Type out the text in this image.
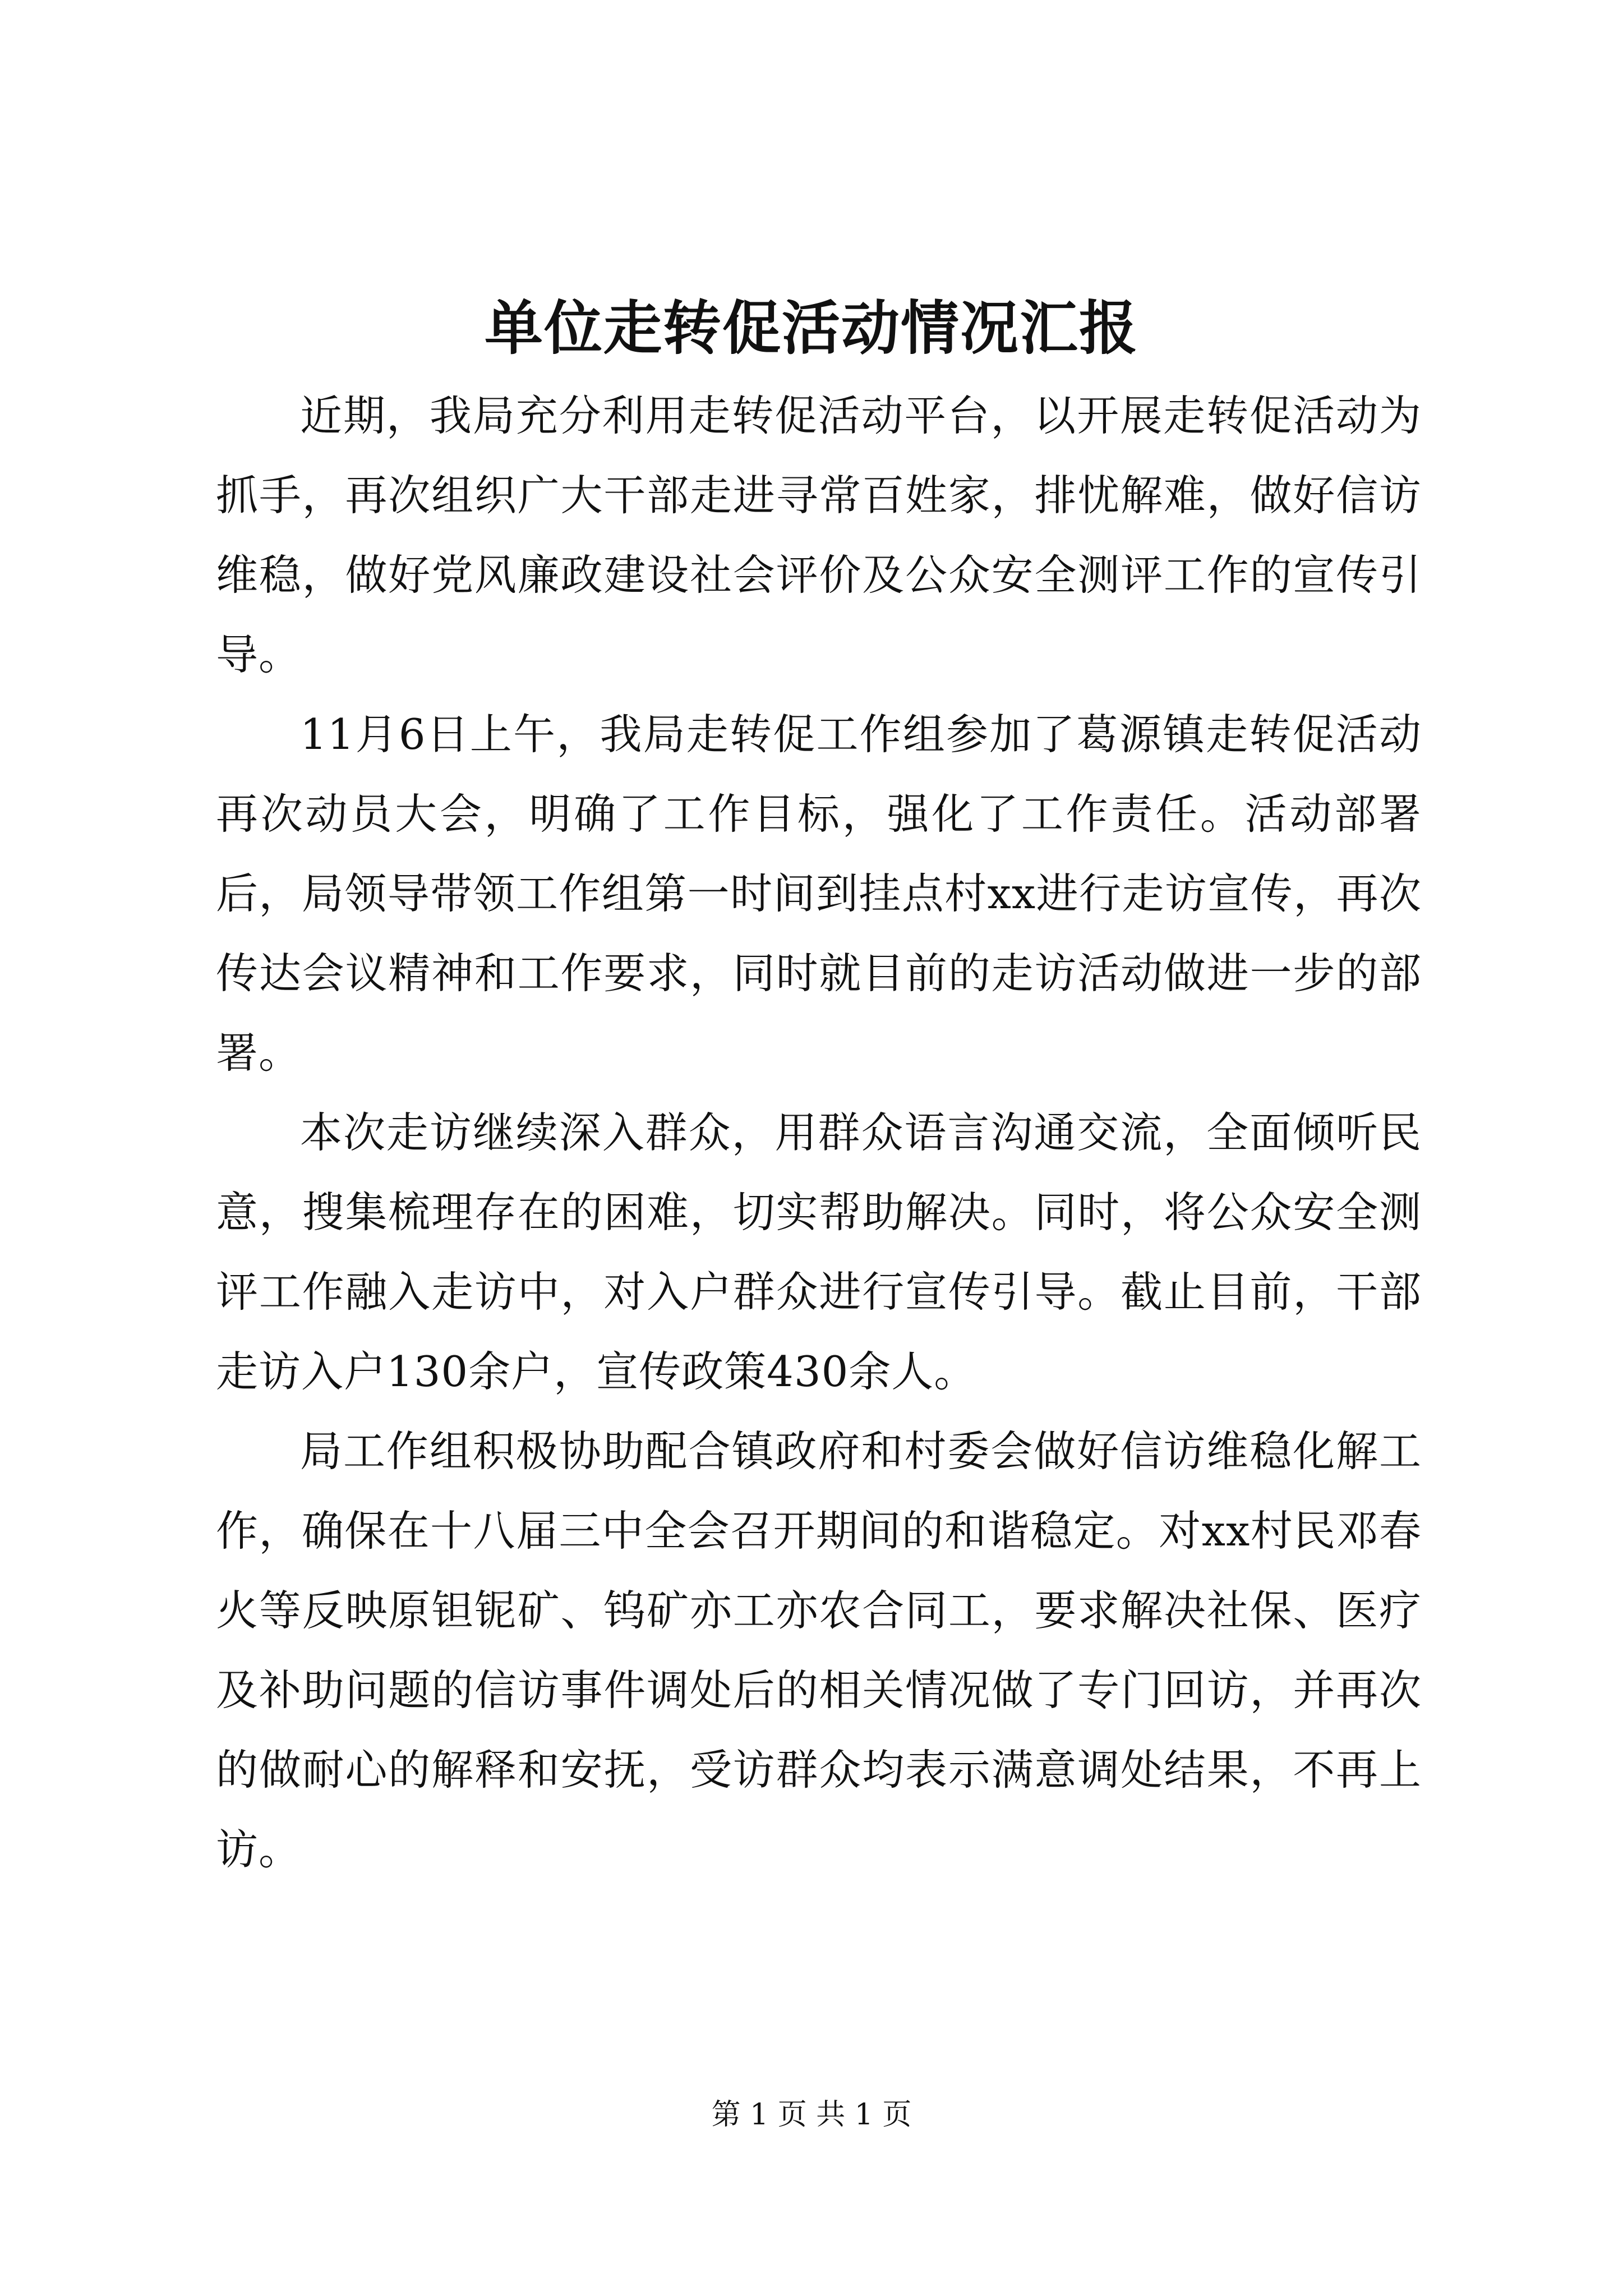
单位走转促活动情况汇报

近期，我局充分利用走转促活动平台，以开展走转促活动为抓手，再次组织广大干部走进寻常百姓家，排忧解难，做好信访维稳，做好党风廉政建设社会评价及公众安全测评工作的宣传引导。

11月6日上午，我局走转促工作组参加了葛源镇走转促活动再次动员大会，明确了工作目标，强化了工作责任。活动部署后，局领导带领工作组第一时间到挂点村xx进行走访宣传，再次传达会议精神和工作要求，同时就目前的走访活动做进一步的部署。

本次走访继续深入群众，用群众语言沟通交流，全面倾听民意，搜集梳理存在的困难，切实帮助解决。同时，将公众安全测评工作融入走访中，对入户群众进行宣传引导。截止目前，干部走访入户130余户，宣传政策430余人。

局工作组积极协助配合镇政府和村委会做好信访维稳化解工作，确保在十八届三中全会召开期间的和谐稳定。对xx村民邓春火等反映原钽铌矿、钨矿亦工亦农合同工，要求解决社保、医疗及补助问题的信访事件调处后的相关情况做了专门回访，并再次的做耐心的解释和安抚，受访群众均表示满意调处结果，不再上访。

第 1 页 共 1 页
